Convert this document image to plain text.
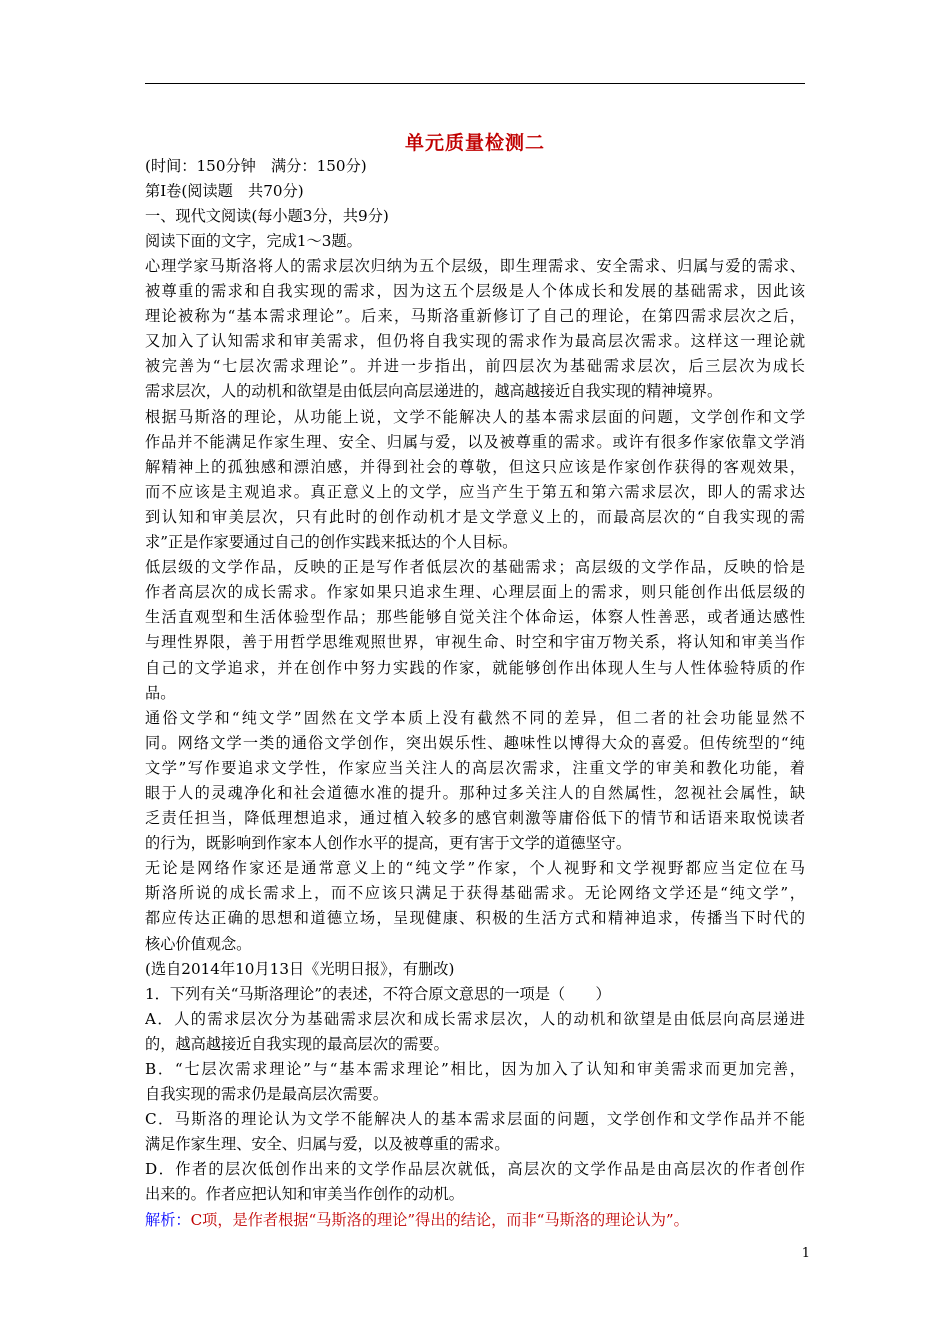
单元质量检测二
(时间：150分钟　满分：150分)
第Ⅰ卷(阅读题　共70分)
一、现代文阅读(每小题3分，共9分)
阅读下面的文字，完成1～3题。
心理学家马斯洛将人的需求层次归纳为五个层级，即生理需求、安全需求、归属与爱的需求、
被尊重的需求和自我实现的需求，因为这五个层级是人个体成长和发展的基础需求，因此该
理论被称为“基本需求理论”。后来，马斯洛重新修订了自己的理论，在第四需求层次之后，
又加入了认知需求和审美需求，但仍将自我实现的需求作为最高层次需求。这样这一理论就
被完善为“七层次需求理论”。并进一步指出，前四层次为基础需求层次，后三层次为成长
需求层次，人的动机和欲望是由低层向高层递进的，越高越接近自我实现的精神境界。
根据马斯洛的理论，从功能上说，文学不能解决人的基本需求层面的问题，文学创作和文学
作品并不能满足作家生理、安全、归属与爱，以及被尊重的需求。或许有很多作家依靠文学消
解精神上的孤独感和漂泊感，并得到社会的尊敬，但这只应该是作家创作获得的客观效果，
而不应该是主观追求。真正意义上的文学，应当产生于第五和第六需求层次，即人的需求达
到认知和审美层次，只有此时的创作动机才是文学意义上的，而最高层次的“自我实现的需
求”正是作家要通过自己的创作实践来抵达的个人目标。
低层级的文学作品，反映的正是写作者低层次的基础需求；高层级的文学作品，反映的恰是
作者高层次的成长需求。作家如果只追求生理、心理层面上的需求，则只能创作出低层级的
生活直观型和生活体验型作品；那些能够自觉关注个体命运，体察人性善恶，或者通达感性
与理性界限，善于用哲学思维观照世界，审视生命、时空和宇宙万物关系，将认知和审美当作
自己的文学追求，并在创作中努力实践的作家，就能够创作出体现人生与人性体验特质的作
品。
通俗文学和“纯文学”固然在文学本质上没有截然不同的差异，但二者的社会功能显然不
同。网络文学一类的通俗文学创作，突出娱乐性、趣味性以博得大众的喜爱。但传统型的“纯
文学”写作要追求文学性，作家应当关注人的高层次需求，注重文学的审美和教化功能，着
眼于人的灵魂净化和社会道德水准的提升。那种过多关注人的自然属性，忽视社会属性，缺
乏责任担当，降低理想追求，通过植入较多的感官刺激等庸俗低下的情节和话语来取悦读者
的行为，既影响到作家本人创作水平的提高，更有害于文学的道德坚守。
无论是网络作家还是通常意义上的“纯文学”作家，个人视野和文学视野都应当定位在马
斯洛所说的成长需求上，而不应该只满足于获得基础需求。无论网络文学还是“纯文学”，
都应传达正确的思想和道德立场，呈现健康、积极的生活方式和精神追求，传播当下时代的
核心价值观念。
(选自2014年10月13日《光明日报》，有删改)
1．下列有关“马斯洛理论”的表述，不符合原文意思的一项是（　　）
A．人的需求层次分为基础需求层次和成长需求层次，人的动机和欲望是由低层向高层递进
的，越高越接近自我实现的最高层次的需要。
B．“七层次需求理论”与“基本需求理论”相比，因为加入了认知和审美需求而更加完善，
自我实现的需求仍是最高层次需要。
C．马斯洛的理论认为文学不能解决人的基本需求层面的问题，文学创作和文学作品并不能
满足作家生理、安全、归属与爱，以及被尊重的需求。
D．作者的层次低创作出来的文学作品层次就低，高层次的文学作品是由高层次的作者创作
出来的。作者应把认知和审美当作创作的动机。
解析：C项，是作者根据“马斯洛的理论”得出的结论，而非“马斯洛的理论认为”。
1
